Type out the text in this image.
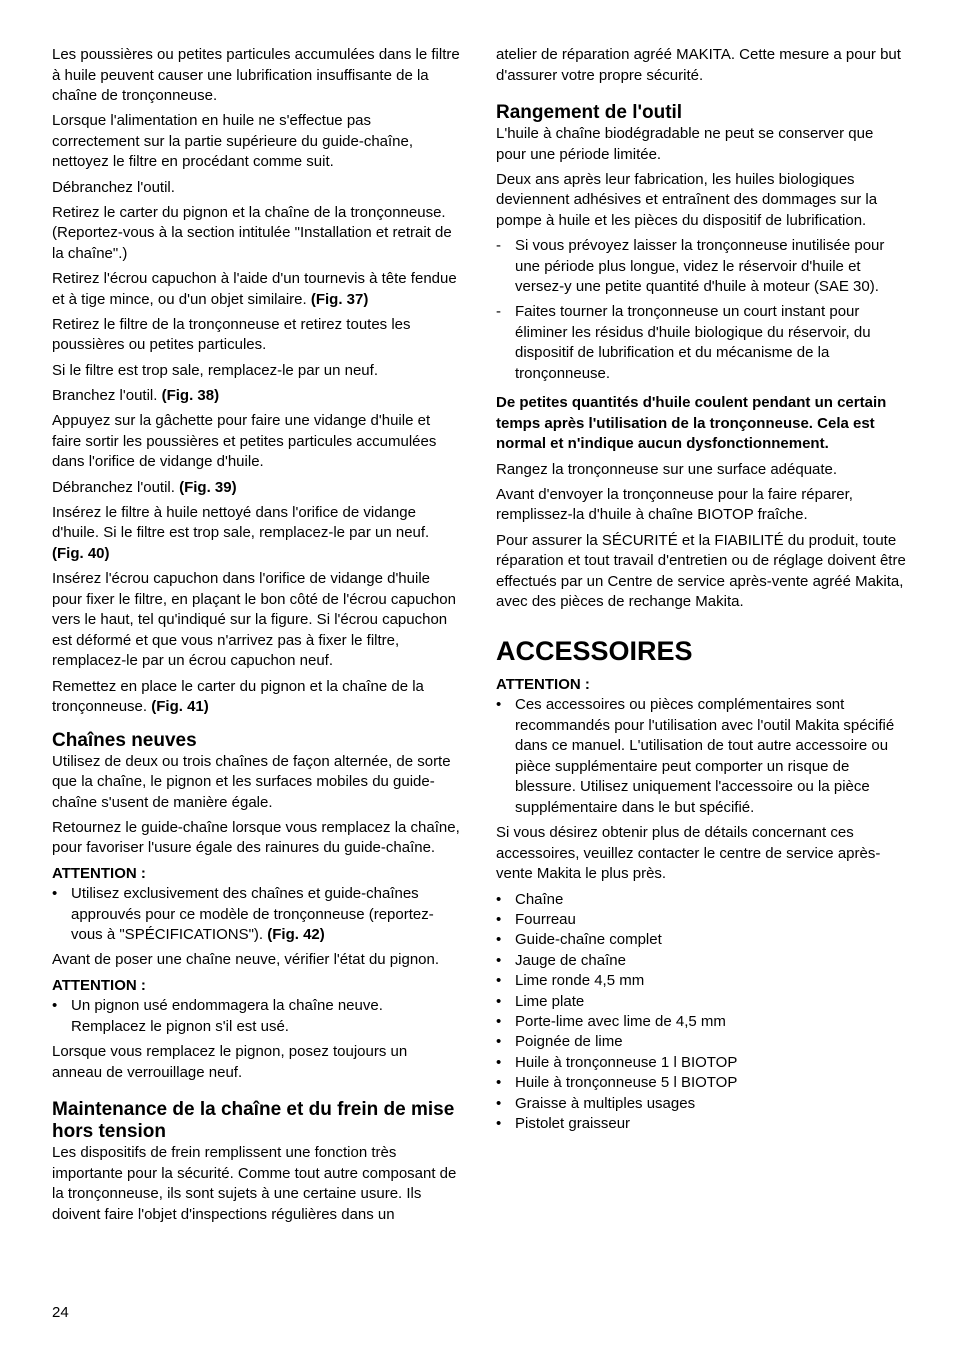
Les poussières ou petites particules accumulées dans le filtre à huile peuvent causer une lubrification insuffisante de la chaîne de tronçonneuse.

Lorsque l'alimentation en huile ne s'effectue pas correctement sur la partie supérieure du guide-chaîne, nettoyez le filtre en procédant comme suit.

Débranchez l'outil.

Retirez le carter du pignon et la chaîne de la tronçonneuse. (Reportez-vous à la section intitulée "Installation et retrait de la chaîne".)

Retirez l'écrou capuchon à l'aide d'un tournevis à tête fendue et à tige mince, ou d'un objet similaire. (Fig. 37)

Retirez le filtre de la tronçonneuse et retirez toutes les poussières ou petites particules.

Si le filtre est trop sale, remplacez-le par un neuf.

Branchez l'outil. (Fig. 38)

Appuyez sur la gâchette pour faire une vidange d'huile et faire sortir les poussières et petites particules accumulées dans l'orifice de vidange d'huile.

Débranchez l'outil. (Fig. 39)

Insérez le filtre à huile nettoyé dans l'orifice de vidange d'huile. Si le filtre est trop sale, remplacez-le par un neuf. (Fig. 40)

Insérez l'écrou capuchon dans l'orifice de vidange d'huile pour fixer le filtre, en plaçant le bon côté de l'écrou capuchon vers le haut, tel qu'indiqué sur la figure. Si l'écrou capuchon est déformé et que vous n'arrivez pas à fixer le filtre, remplacez-le par un écrou capuchon neuf.

Remettez en place le carter du pignon et la chaîne de la tronçonneuse. (Fig. 41)

Chaînes neuves

Utilisez de deux ou trois chaînes de façon alternée, de sorte que la chaîne, le pignon et les surfaces mobiles du guide-chaîne s'usent de manière égale.

Retournez le guide-chaîne lorsque vous remplacez la chaîne, pour favoriser l'usure égale des rainures du guide-chaîne.

ATTENTION :

• Utilisez exclusivement des chaînes et guide-chaînes approuvés pour ce modèle de tronçonneuse (reportez-vous à "SPÉCIFICATIONS"). (Fig. 42)

Avant de poser une chaîne neuve, vérifier l'état du pignon.

ATTENTION :

• Un pignon usé endommagera la chaîne neuve. Remplacez le pignon s'il est usé.

Lorsque vous remplacez le pignon, posez toujours un anneau de verrouillage neuf.

Maintenance de la chaîne et du frein de mise hors tension

Les dispositifs de frein remplissent une fonction très importante pour la sécurité. Comme tout autre composant de la tronçonneuse, ils sont sujets à une certaine usure. Ils doivent faire l'objet d'inspections régulières dans un

atelier de réparation agréé MAKITA. Cette mesure a pour but d'assurer votre propre sécurité.

Rangement de l'outil

L'huile à chaîne biodégradable ne peut se conserver que pour une période limitée.

Deux ans après leur fabrication, les huiles biologiques deviennent adhésives et entraînent des dommages sur la pompe à huile et les pièces du dispositif de lubrification.

- Si vous prévoyez laisser la tronçonneuse inutilisée pour une période plus longue, videz le réservoir d'huile et versez-y une petite quantité d'huile à moteur (SAE 30).
- Faites tourner la tronçonneuse un court instant pour éliminer les résidus d'huile biologique du réservoir, du dispositif de lubrification et du mécanisme de la tronçonneuse.

De petites quantités d'huile coulent pendant un certain temps après l'utilisation de la tronçonneuse. Cela est normal et n'indique aucun dysfonctionnement.

Rangez la tronçonneuse sur une surface adéquate.

Avant d'envoyer la tronçonneuse pour la faire réparer, remplissez-la d'huile à chaîne BIOTOP fraîche.

Pour assurer la SÉCURITÉ et la FIABILITÉ du produit, toute réparation et tout travail d'entretien ou de réglage doivent être effectués par un Centre de service après-vente agréé Makita, avec des pièces de rechange Makita.

ACCESSOIRES

ATTENTION :

• Ces accessoires ou pièces complémentaires sont recommandés pour l'utilisation avec l'outil Makita spécifié dans ce manuel. L'utilisation de tout autre accessoire ou pièce supplémentaire peut comporter un risque de blessure. Utilisez uniquement l'accessoire ou la pièce supplémentaire dans le but spécifié.

Si vous désirez obtenir plus de détails concernant ces accessoires, veuillez contacter le centre de service après-vente Makita le plus près.

• Chaîne
• Fourreau
• Guide-chaîne complet
• Jauge de chaîne
• Lime ronde 4,5 mm
• Lime plate
• Porte-lime avec lime de 4,5 mm
• Poignée de lime
• Huile à tronçonneuse 1 l BIOTOP
• Huile à tronçonneuse 5 l BIOTOP
• Graisse à multiples usages
• Pistolet graisseur
24
